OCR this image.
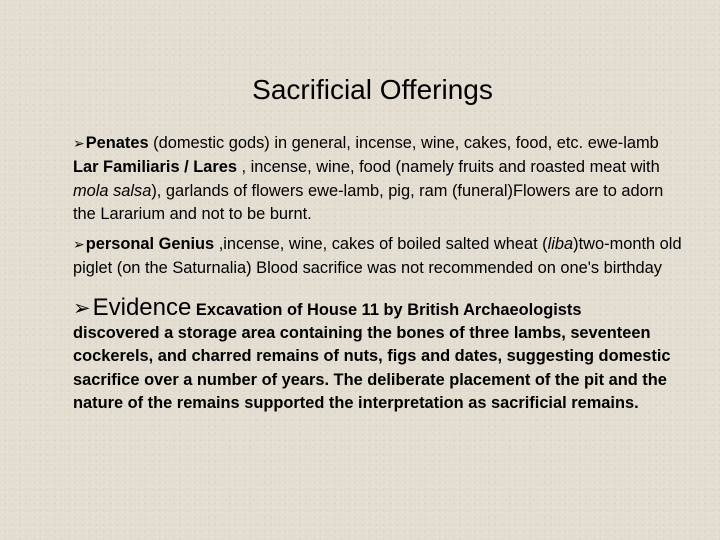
Sacrificial Offerings

➢Penates (domestic gods) in general, incense, wine, cakes, food, etc. ewe-lamb
Lar Familiaris / Lares , incense, wine, food (namely fruits and roasted meat with mola salsa), garlands of flowers ewe-lamb, pig, ram (funeral)Flowers are to adorn the Lararium and not to be burnt.

➢personal Genius ,incense, wine, cakes of boiled salted wheat (liba)two-month old piglet (on the Saturnalia) Blood sacrifice was not recommended on one's birthday

➢Evidence Excavation of House 11 by British Archaeologists
discovered a storage area containing the bones of three lambs, seventeen cockerels, and charred remains of nuts, figs and dates, suggesting domestic sacrifice over a number of years. The deliberate placement of the pit and the nature of the remains supported the interpretation as sacrificial remains.
